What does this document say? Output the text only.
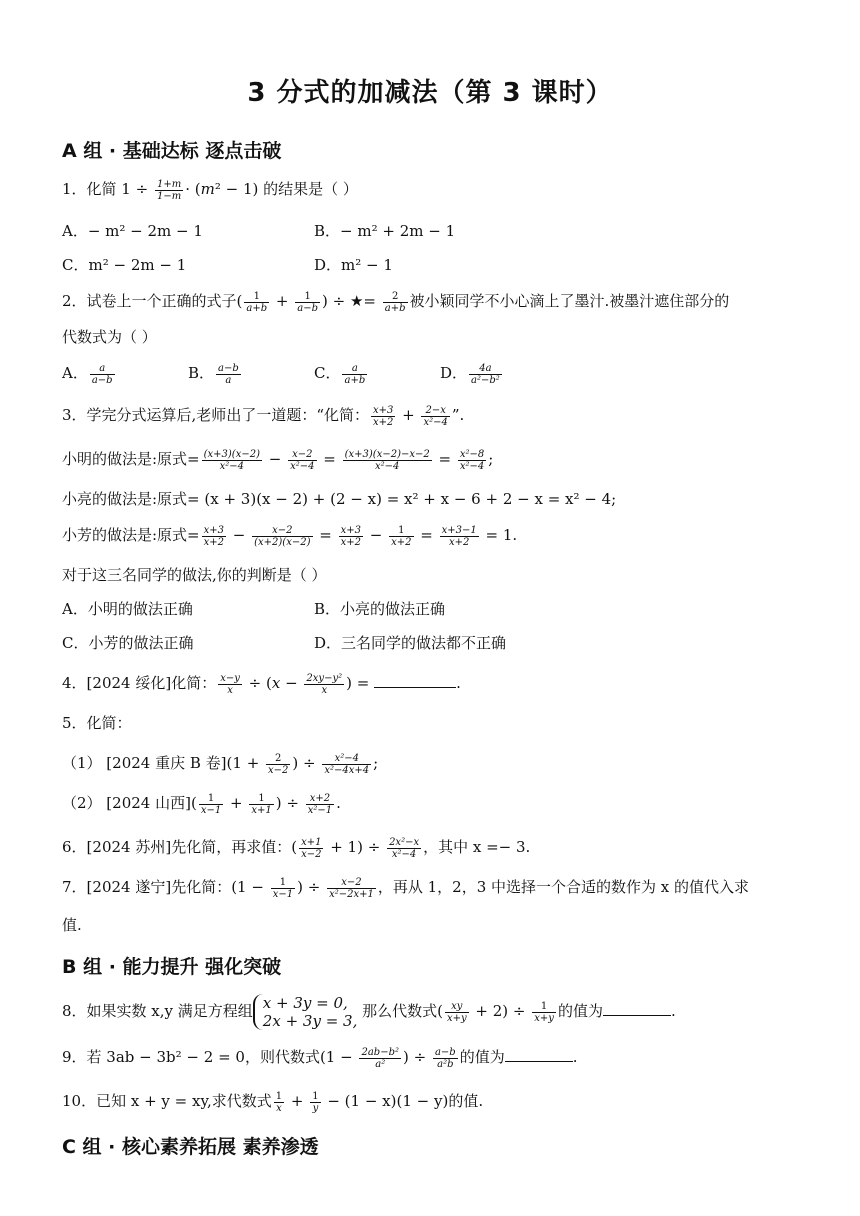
3 分式的加减法（第 3 课时）
A 组 · 基础达标 逐点击破
1．化简 $1 \div \frac{1+m}{1-m} \cdot (m^2 - 1)$ 的结果是（ ）
A．− m² − 2m − 1	B．− m² + 2m − 1
C．m² − 2m − 1	D．m² − 1
2．试卷上一个正确的式子( $\frac{1}{a+b} + \frac{1}{a-b}$ ) ÷ ★= $\frac{2}{a+b}$ 被小颖同学不小心滴上了墨汁.被墨汁遮住部分的
代数式为（ ）
A． $\frac{a}{a-b}$	B． $\frac{a-b}{a}$	C． $\frac{a}{a+b}$	D． $\frac{4a}{\text{a²−b²}}$
3．学完分式运算后,老师出了一道题：“化简： $\frac{x+3}{x+2} + \frac{2-x}{\text{x²−4}}$ ”.
小明的做法是:原式= $\frac{(x+3)(x-2)}{\text{x²−4}} - \frac{x-2}{\text{x²−4}} = \frac{(x+3)(x-2)-x-2}{\text{x²−4}} = \frac{\text{x²−8}}{\text{x²−4}}$ ;
小亮的做法是:原式= (x + 3)(x − 2) + (2 − x) = x² + x − 6 + 2 − x = x² − 4;
小芳的做法是:原式= $\frac{x+3}{x+2} - \frac{x-2}{(x+2)(x-2)} = \frac{x+3}{x+2} - \frac{1}{x+2} = \frac{x+3-1}{x+2} = 1$.
对于这三名同学的做法,你的判断是（ ）
A．小明的做法正确	B．小亮的做法正确
C．小芳的做法正确	D．三名同学的做法都不正确
4．[2024 绥化]化简： $\frac{x-y}{x} \div (x - \frac{\text{2xy−y²}}{x}$ ) =	.
5．化简：
（1） [2024 重庆 B 卷]($1 + \frac{2}{x-2}$ ) ÷ $\frac{\text{x²−4}}{\text{x²−4x+4}}$ ;
（2） [2024 山西]( $\frac{1}{x-1} + \frac{1}{x+1}$ ) ÷ $\frac{x+2}{\text{x²−1}}$ .
6．[2024 苏州]先化简，再求值：( $\frac{x+1}{x-2} + 1) \div \frac{\text{2x²−x}}{\text{x²−4}}$ ，其中 x =− 3.
7．[2024 遂宁]先化简：($1 - \frac{1}{x-1}$ ) ÷ $\frac{x-2}{\text{x²−2x+1}}$ ，再从 1，2，3 中选择一个合适的数作为 x 的值代入求
值.
B 组 · 能力提升 强化突破
8．如果实数 x,y 满足方程组 x + 3y = 0,
2x + 3y = 3,
那么代数式( $\frac{xy}{x+y} + 2) \div \frac{1}{x+y}$ 的值为	.
9．若 3ab − 3b² − 2 = 0，则代数式($1 - \frac{\text{2ab−b²}}{\text{a²}}$ ) ÷ $\frac{a-b}{\text{a²b}}$ 的值为	.
10．已知 x + y = xy,求代数式 $\frac{1}{x} + \frac{1}{y} - (1 - x)(1 - y)$的值.
C 组 · 核心素养拓展 素养渗透
